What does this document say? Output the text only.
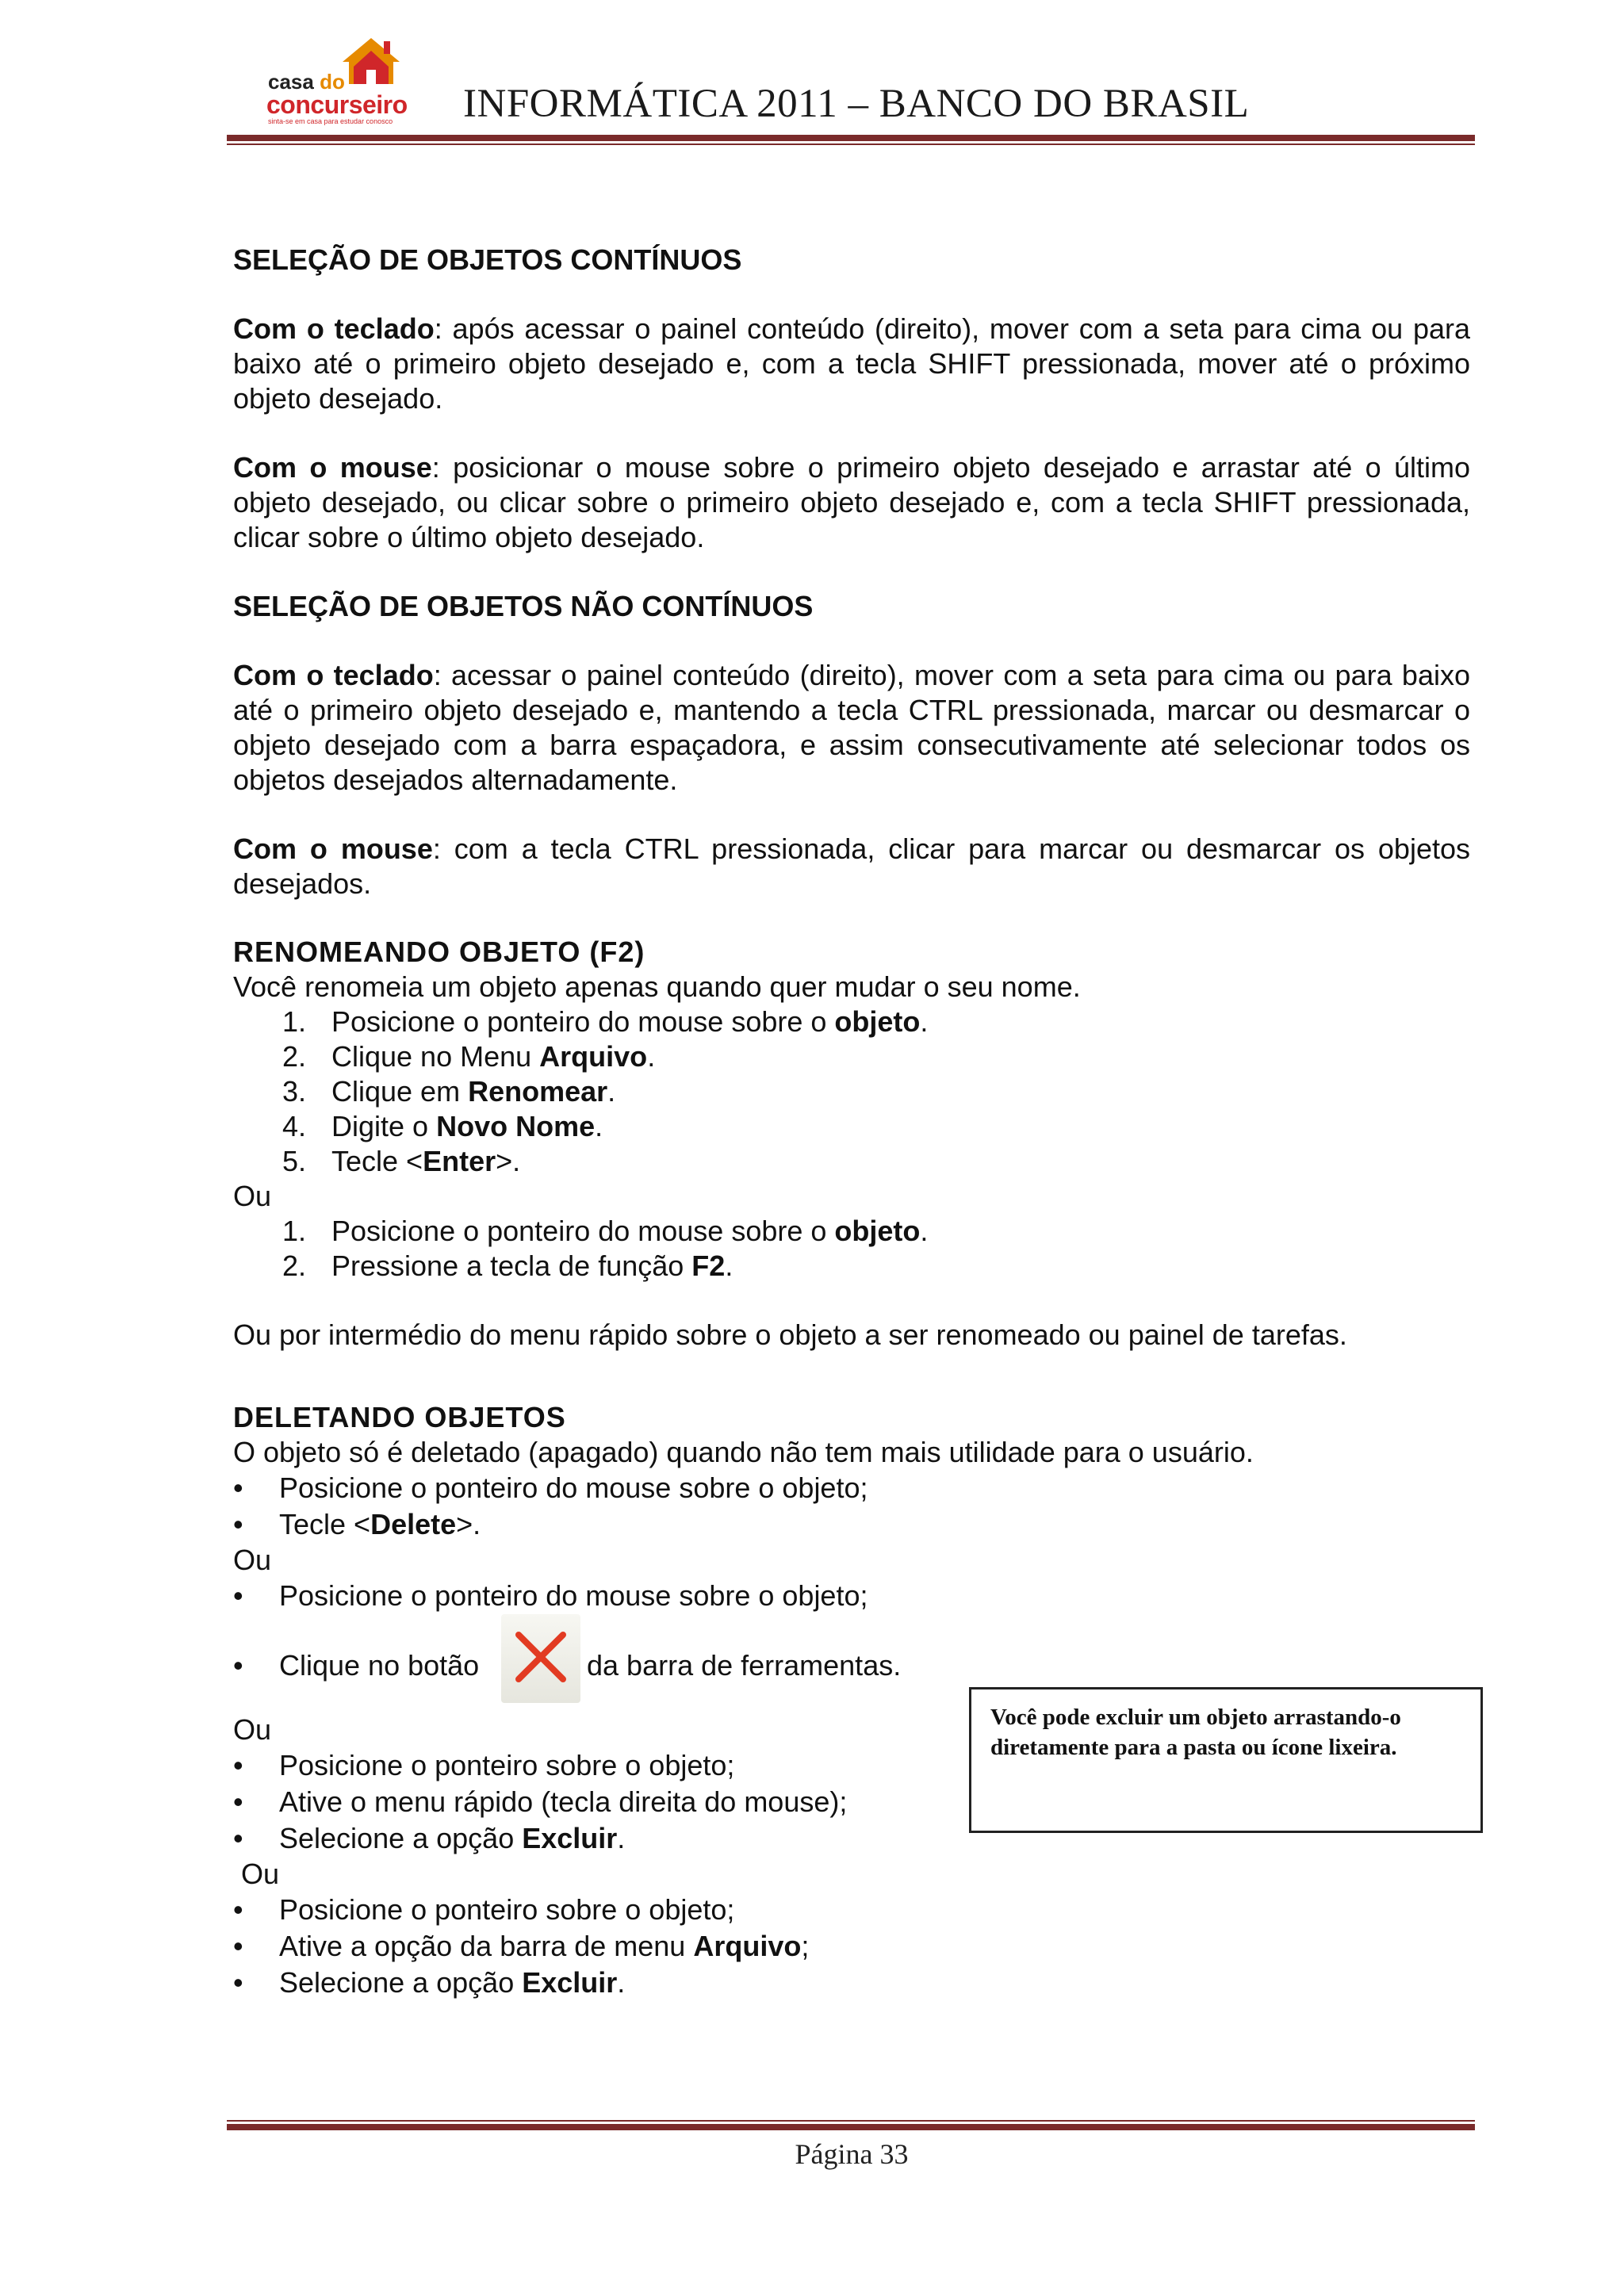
casa do
concurseiro
sinta-se em casa para estudar conosco INFORMÁTICA 2011 – BANCO DO BRASIL

SELEÇÃO DE OBJETOS CONTÍNUOS

Com o teclado: após acessar o painel conteúdo (direito), mover com a seta para cima ou para baixo até o primeiro objeto desejado e, com a tecla SHIFT pressionada, mover até o próximo objeto desejado.

Com o mouse: posicionar o mouse sobre o primeiro objeto desejado e arrastar até o último objeto desejado, ou clicar sobre o primeiro objeto desejado e, com a tecla SHIFT pressionada, clicar sobre o último objeto desejado.

SELEÇÃO DE OBJETOS NÃO CONTÍNUOS

Com o teclado: acessar o painel conteúdo (direito), mover com a seta para cima ou para baixo até o primeiro objeto desejado e, mantendo a tecla CTRL pressionada, marcar ou desmarcar o objeto desejado com a barra espaçadora, e assim consecutivamente até selecionar todos os objetos desejados alternadamente.

Com o mouse: com a tecla CTRL pressionada, clicar para marcar ou desmarcar os objetos desejados.

RENOMEANDO OBJETO (F2)

Você renomeia um objeto apenas quando quer mudar o seu nome.

1. Posicione o ponteiro do mouse sobre o objeto.
2. Clique no Menu Arquivo.
3. Clique em Renomear.
4. Digite o Novo Nome.
5. Tecle <Enter>.

Ou

1. Posicione o ponteiro do mouse sobre o objeto.
2. Pressione a tecla de função F2.

Ou por intermédio do menu rápido sobre o objeto a ser renomeado ou painel de tarefas.

DELETANDO OBJETOS

O objeto só é deletado (apagado) quando não tem mais utilidade para o usuário.

•	Posicione o ponteiro do mouse sobre o objeto;
•	Tecle <Delete>.

Ou

•	Posicione o ponteiro do mouse sobre o objeto;
• Clique no botão	da barra de ferramentas.

Ou

•	Posicione o ponteiro sobre o objeto;
•	Ative o menu rápido (tecla direita do mouse);
•	Selecione a opção Excluir.

Ou

•	Posicione o ponteiro sobre o objeto;
•	Ative a opção da barra de menu Arquivo;
•	Selecione a opção Excluir.

Você pode excluir um objeto arrastando-o diretamente para a pasta ou ícone lixeira.

Página 33
